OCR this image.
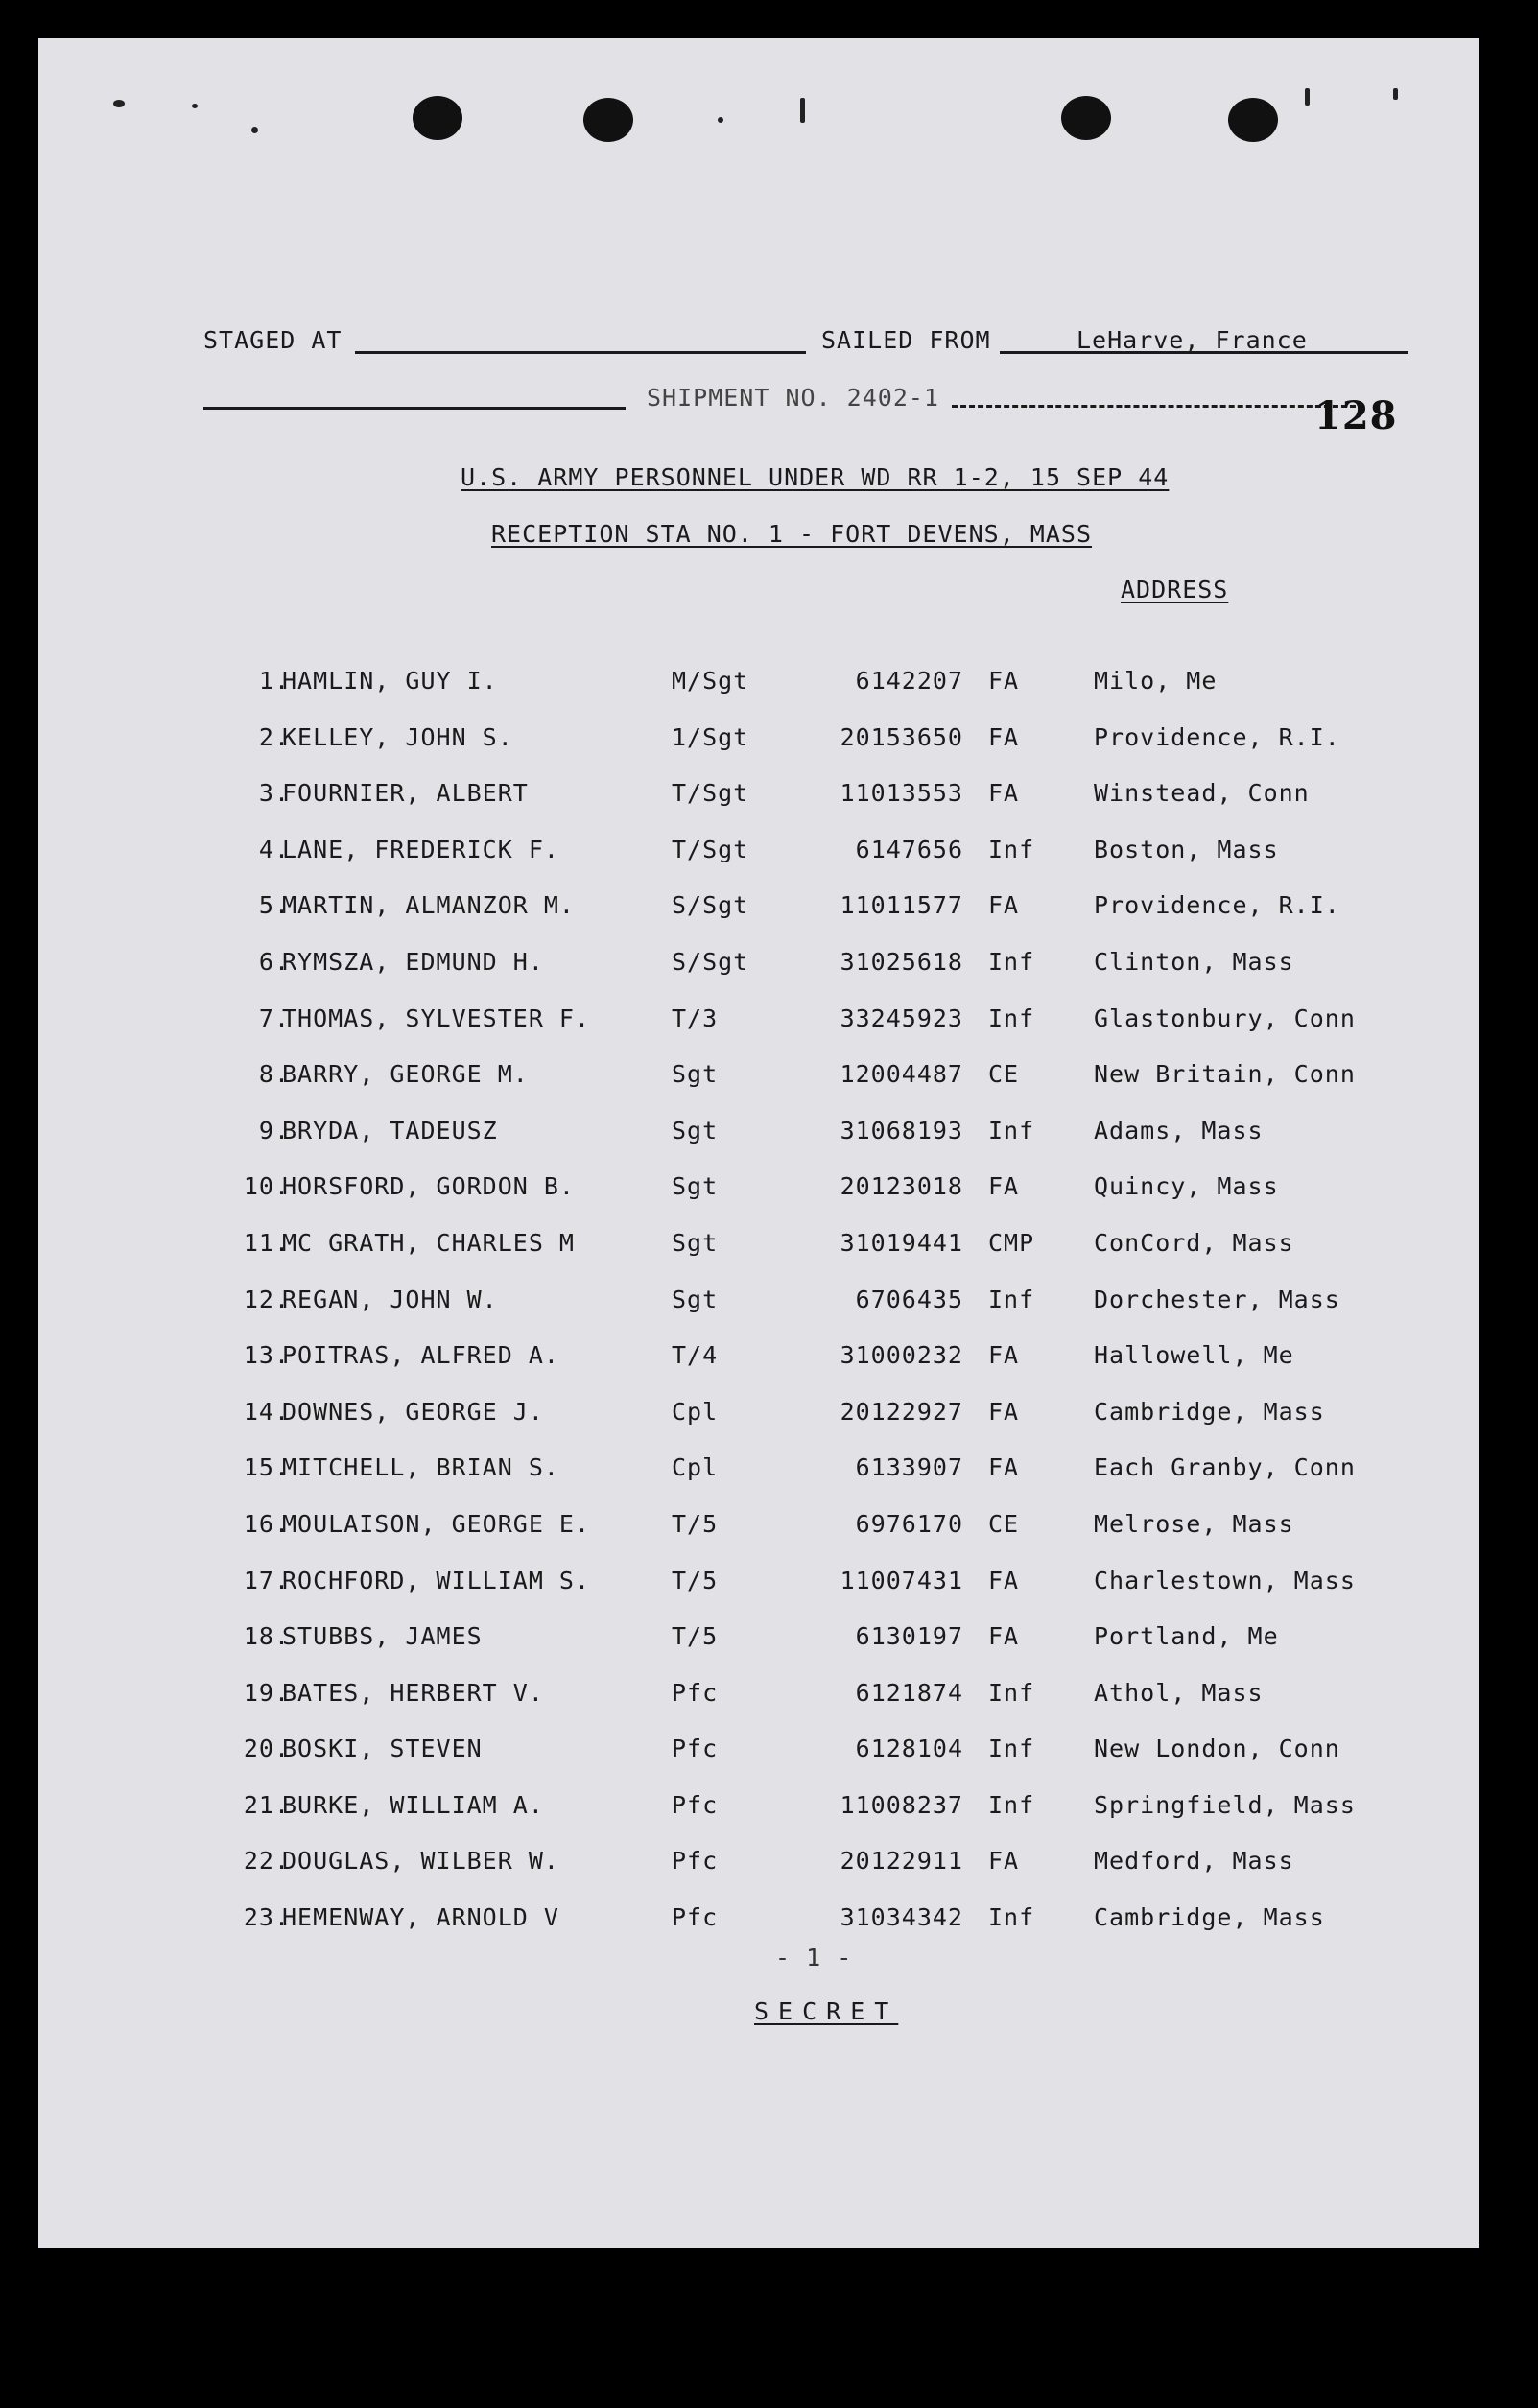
STAGED AT	SAILED FROM	LeHarve, France
SHIPMENT NO. 2402-1	128
U.S. ARMY PERSONNEL UNDER WD RR 1-2, 15 SEP 44
RECEPTION STA NO. 1 - FORT DEVENS, MASS
ADDRESS
1.
HAMLIN, GUY I.	M/Sgt	6142207 FA	Milo, Me
2.
KELLEY, JOHN S.	1/Sgt	20153650 FA	Providence, R.I.
3.
FOURNIER, ALBERT	T/Sgt	11013553 FA	Winstead, Conn
4.
LANE, FREDERICK F.	T/Sgt	6147656 Inf Boston, Mass
5.
MARTIN, ALMANZOR M.	S/Sgt	11011577 FA	Providence, R.I.
6.
RYMSZA, EDMUND H.	S/Sgt	31025618 Inf Clinton, Mass
7.
THOMAS, SYLVESTER F.	T/3	33245923 Inf Glastonbury, Conn
8.
BARRY, GEORGE M.	Sgt	12004487 CE	New Britain, Conn
9.
BRYDA, TADEUSZ	Sgt	31068193 Inf Adams, Mass
10.
HORSFORD, GORDON B.	Sgt	20123018 FA	Quincy, Mass
11.
MC GRATH, CHARLES M	Sgt	31019441 CMP ConCord, Mass
12.
REGAN, JOHN W.	Sgt	6706435 Inf Dorchester, Mass
13.
POITRAS, ALFRED A.	T/4	31000232 FA	Hallowell, Me
14.
DOWNES, GEORGE J.	Cpl	20122927 FA	Cambridge, Mass
15.
MITCHELL, BRIAN S.	Cpl	6133907 FA	Each Granby, Conn
16.
MOULAISON, GEORGE E.	T/5	6976170 CE	Melrose, Mass
17.
ROCHFORD, WILLIAM S.	T/5	11007431 FA	Charlestown, Mass
18.
STUBBS, JAMES	T/5	6130197 FA	Portland, Me
19.
BATES, HERBERT V.	Pfc	6121874 Inf Athol, Mass
20.
BOSKI, STEVEN	Pfc	6128104 Inf New London, Conn
21.
BURKE, WILLIAM A.	Pfc	11008237 Inf Springfield, Mass
22.
DOUGLAS, WILBER W.	Pfc	20122911 FA	Medford, Mass
23.
HEMENWAY, ARNOLD V	Pfc	31034342 Inf Cambridge, Mass
- 1 -
SECRET
